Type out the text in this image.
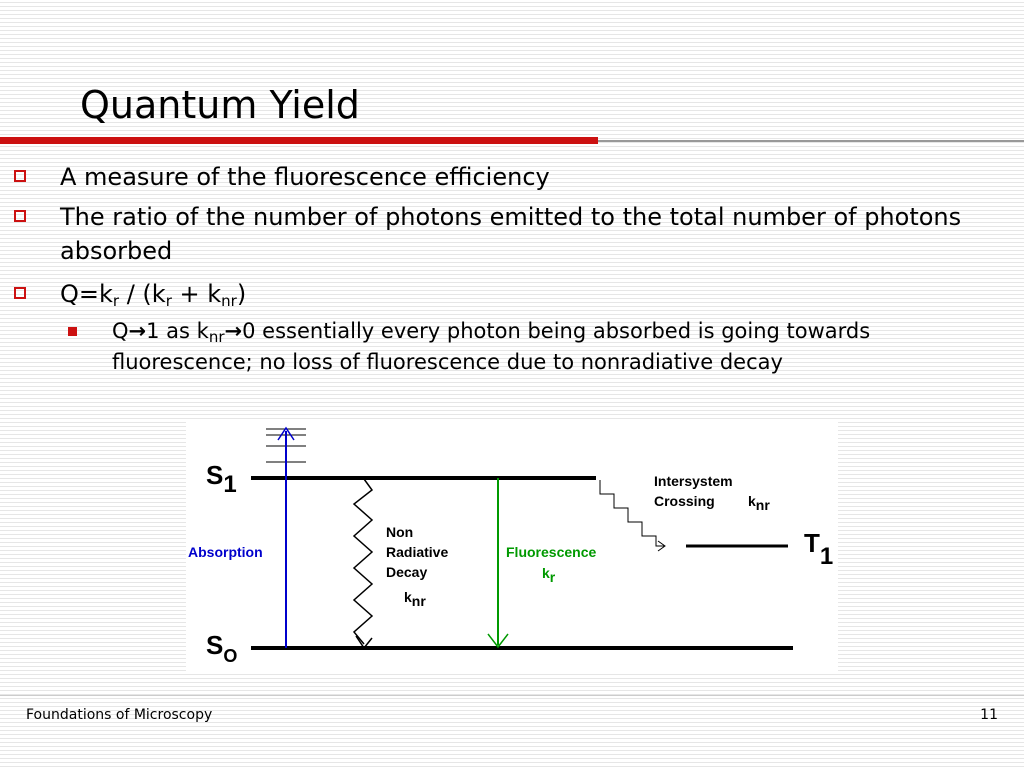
Quantum Yield
A measure of the fluorescence efficiency
The ratio of the number of photons emitted to the total number of photons absorbed
$Q=k_r / (k_r + k_{nr})$
Q→1 as $k_{nr}\to 0$ essentially every photon being absorbed is going towards fluorescence; no loss of fluorescence due to nonradiative decay
S1
$S_O$
T1
Absorption
Non
Radiative
Decay
knr
Fluorescence
kr
Intersystem
Crossing knr
Foundations of Microscopy	11
